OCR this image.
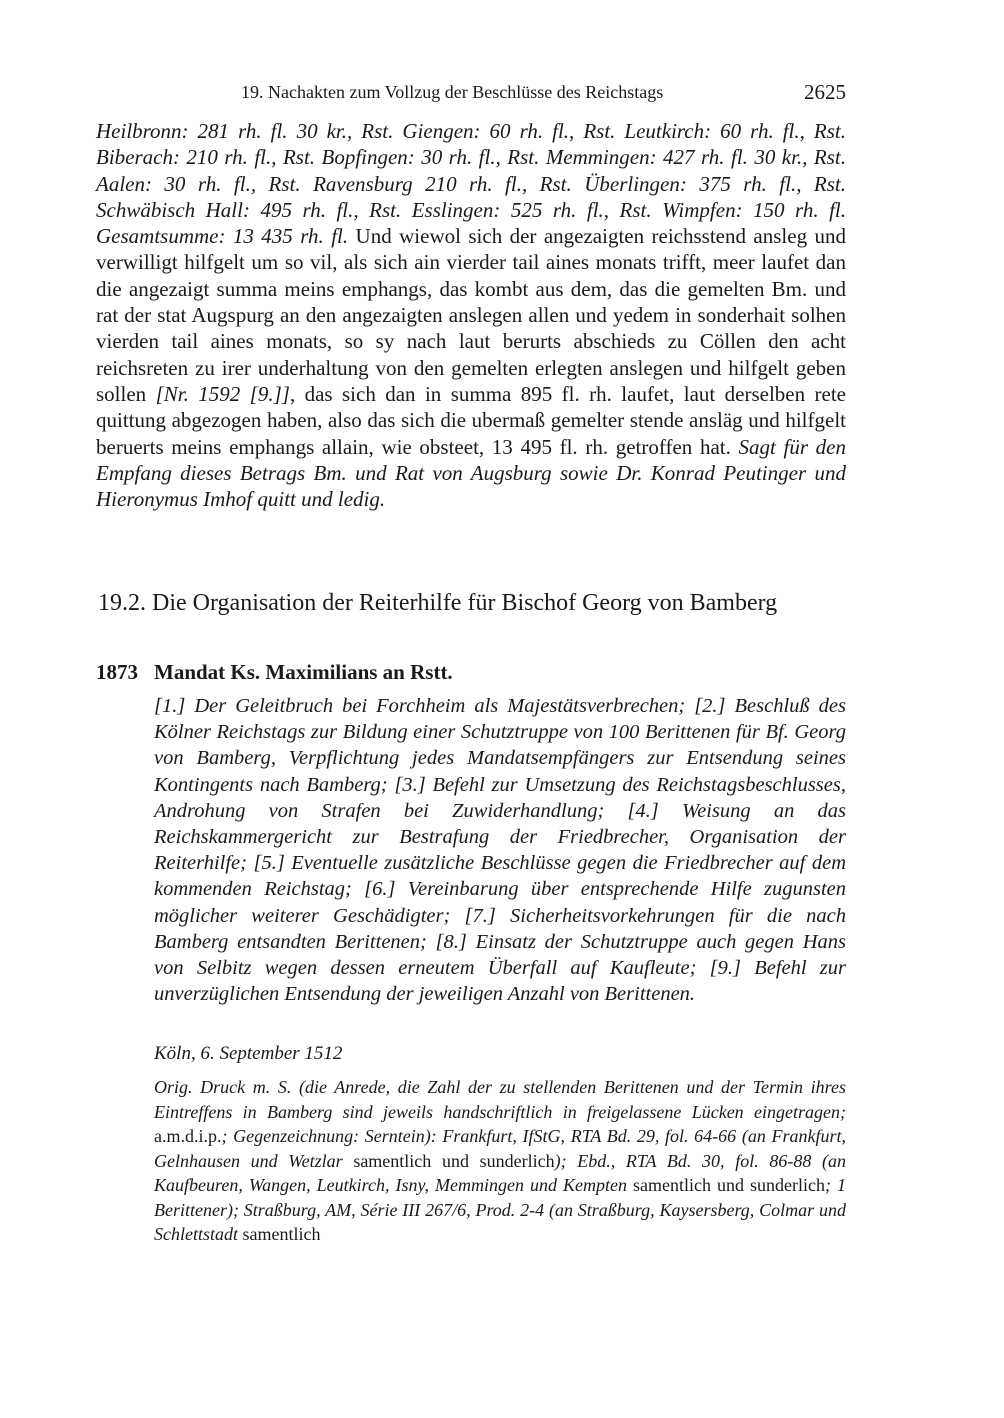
19. Nachakten zum Vollzug der Beschlüsse des Reichstags	2625

Heilbronn: 281 rh. fl. 30 kr., Rst. Giengen: 60 rh. fl., Rst. Leutkirch: 60 rh. fl., Rst. Biberach: 210 rh. fl., Rst. Bopfingen: 30 rh. fl., Rst. Memmingen: 427 rh. fl. 30 kr., Rst. Aalen: 30 rh. fl., Rst. Ravensburg 210 rh. fl., Rst. Überlingen: 375 rh. fl., Rst. Schwäbisch Hall: 495 rh. fl., Rst. Esslingen: 525 rh. fl., Rst. Wimpfen: 150 rh. fl. Gesamtsumme: 13 435 rh. fl. Und wiewol sich der angezaigten reichsstend ansleg und verwilligt hilfgelt um so vil, als sich ain vierder tail aines monats trifft, meer laufet dan die angezaigt summa meins emphangs, das kombt aus dem, das die gemelten Bm. und rat der stat Augspurg an den angezaigten anslegen allen und yedem in sonderhait solhen vierden tail aines monats, so sy nach laut berurts abschieds zu Cöllen den acht reichsreten zu irer underhaltung von den gemelten erlegten anslegen und hilfgelt geben sollen [Nr. 1592 [9.]], das sich dan in summa 895 fl. rh. laufet, laut derselben rete quittung abgezogen haben, also das sich die ubermaß gemelter stende ansläg und hilfgelt beruerts meins emphangs allain, wie obsteet, 13 495 fl. rh. getroffen hat. Sagt für den Empfang dieses Betrags Bm. und Rat von Augsburg sowie Dr. Konrad Peutinger und Hieronymus Imhof quitt und ledig.

19.2. Die Organisation der Reiterhilfe für Bischof Georg von Bamberg
1873 Mandat Ks. Maximilians an Rstt.

[1.] Der Geleitbruch bei Forchheim als Majestätsverbrechen; [2.] Beschluß des Kölner Reichstags zur Bildung einer Schutztruppe von 100 Berittenen für Bf. Georg von Bamberg, Verpflichtung jedes Mandatsempfängers zur Entsendung seines Kontingents nach Bamberg; [3.] Befehl zur Umsetzung des Reichstagsbeschlusses, Androhung von Strafen bei Zuwiderhandlung; [4.] Weisung an das Reichskammergericht zur Bestrafung der Friedbrecher, Organisation der Reiterhilfe; [5.] Eventuelle zusätzliche Beschlüsse gegen die Friedbrecher auf dem kommenden Reichstag; [6.] Vereinbarung über entsprechende Hilfe zugunsten möglicher weiterer Geschädigter; [7.] Sicherheitsvorkehrungen für die nach Bamberg entsandten Berittenen; [8.] Einsatz der Schutztruppe auch gegen Hans von Selbitz wegen dessen erneutem Überfall auf Kaufleute; [9.] Befehl zur unverzüglichen Entsendung der jeweiligen Anzahl von Berittenen.

Köln, 6. September 1512

Orig. Druck m. S. (die Anrede, die Zahl der zu stellenden Berittenen und der Termin ihres Eintreffens in Bamberg sind jeweils handschriftlich in freigelassene Lücken eingetragen; a.m.d.i.p.; Gegenzeichnung: Serntein): Frankfurt, IfStG, RTA Bd. 29, fol. 64-66 (an Frankfurt, Gelnhausen und Wetzlar samentlich und sunderlich); Ebd., RTA Bd. 30, fol. 86-88 (an Kaufbeuren, Wangen, Leutkirch, Isny, Memmingen und Kempten samentlich und sunderlich; 1 Berittener); Straßburg, AM, Série III 267/6, Prod. 2-4 (an Straßburg, Kaysersberg, Colmar und Schlettstadt samentlich
